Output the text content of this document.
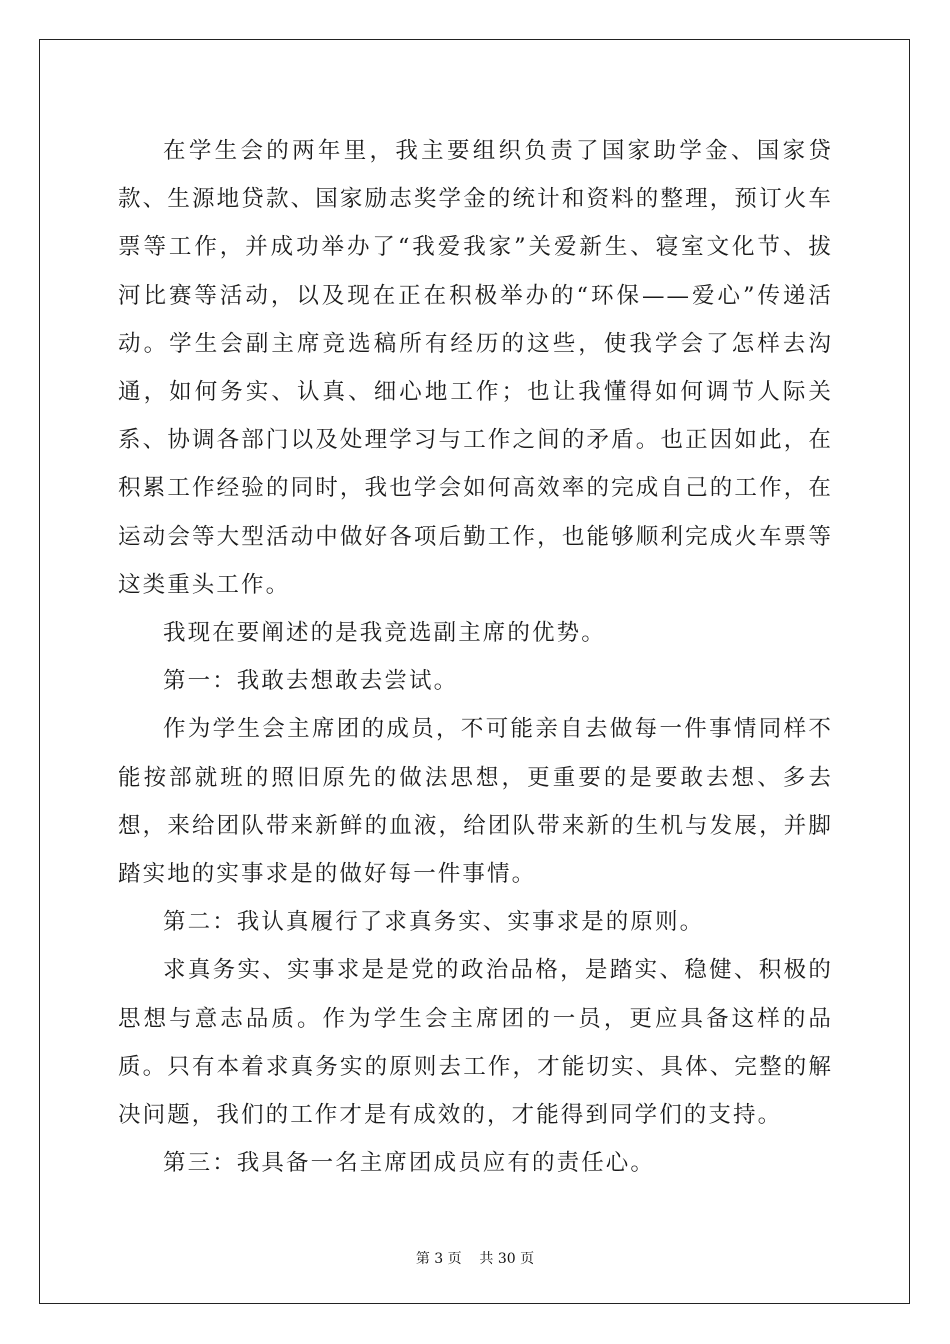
在学生会的两年里，我主要组织负责了国家助学金、国家贷款、生源地贷款、国家励志奖学金的统计和资料的整理，预订火车票等工作，并成功举办了“我爱我家”关爱新生、寝室文化节、拔河比赛等活动，以及现在正在积极举办的“环保——爱心”传递活动。学生会副主席竞选稿所有经历的这些，使我学会了怎样去沟通，如何务实、认真、细心地工作；也让我懂得如何调节人际关系、协调各部门以及处理学习与工作之间的矛盾。也正因如此，在积累工作经验的同时，我也学会如何高效率的完成自己的工作，在运动会等大型活动中做好各项后勤工作，也能够顺利完成火车票等这类重头工作。

我现在要阐述的是我竞选副主席的优势。

第一：我敢去想敢去尝试。

作为学生会主席团的成员，不可能亲自去做每一件事情同样不能按部就班的照旧原先的做法思想，更重要的是要敢去想、多去想，来给团队带来新鲜的血液，给团队带来新的生机与发展，并脚踏实地的实事求是的做好每一件事情。

第二：我认真履行了求真务实、实事求是的原则。

求真务实、实事求是是党的政治品格，是踏实、稳健、积极的思想与意志品质。作为学生会主席团的一员，更应具备这样的品质。只有本着求真务实的原则去工作，才能切实、具体、完整的解决问题，我们的工作才是有成效的，才能得到同学们的支持。

第三：我具备一名主席团成员应有的责任心。

第 3 页    共 30 页
